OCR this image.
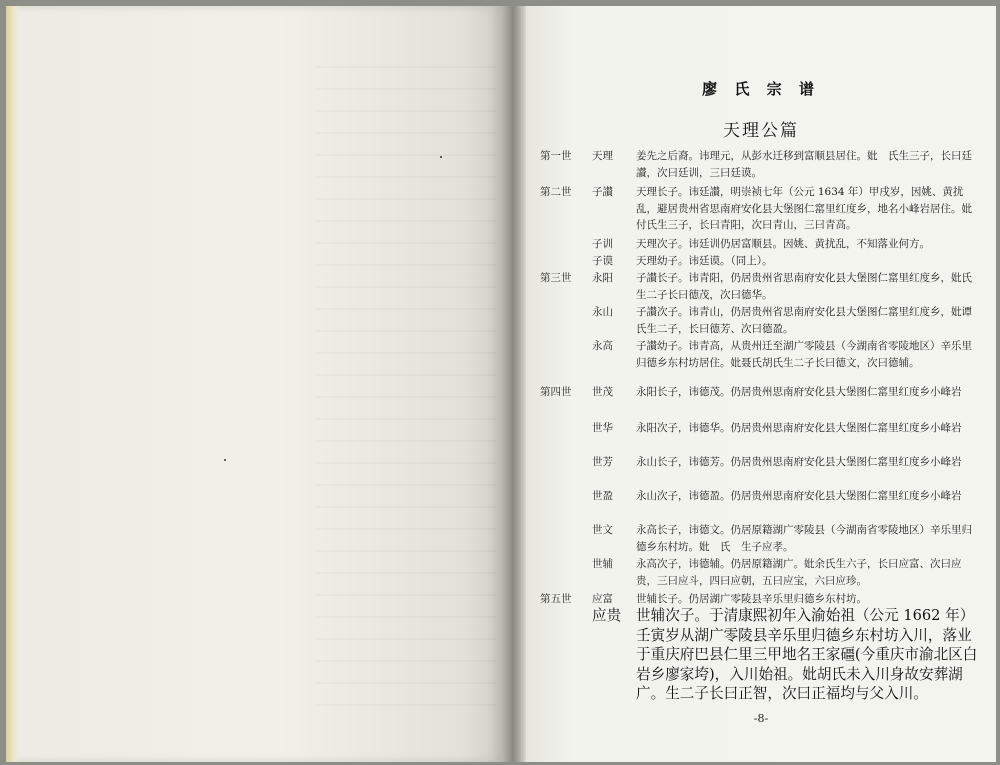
廖 氏 宗 谱
天理公篇
第一世	天理	姜先之后裔。讳理元，从彭水迁移到富顺县居住。妣　氏生三子，长曰廷讃，次曰廷训，三曰廷谟。
第二世	子讃	天理长子。讳廷讃，明崇祯七年（公元 1634 年）甲戌岁，因姚、黄扰乱，避居贵州省思南府安化县大堡图仁窰里红度乡，地名小峰岩居住。妣付氏生三子，长曰青阳，次曰青山，三曰青高。
子训	天理次子。讳廷训仍居富顺县。因姚、黄扰乱，不知落业何方。
子谟	天理幼子。讳廷谟。（同上）。
第三世	永阳	子讃长子。讳青阳，仍居贵州省思南府安化县大堡图仁窰里红度乡，妣氏生二子长曰德茂，次曰德华。
永山	子讃次子。讳青山，仍居贵州省思南府安化县大堡图仁窰里红度乡，妣谭氏生二子，长曰德芳、次曰德盈。
永高	子讃幼子。讳青高，从贵州迁至湖广零陵县（今湖南省零陵地区）辛乐里归德乡东村坊居住。妣聂氏胡氏生二子长曰德文，次曰德辅。
第四世	世茂	永阳长子，讳德茂。仍居贵州思南府安化县大堡图仁窰里红度乡小峰岩
世华	永阳次子，讳德华。仍居贵州思南府安化县大堡图仁窰里红度乡小峰岩
世芳	永山长子，讳德芳。仍居贵州思南府安化县大堡图仁窰里红度乡小峰岩
世盈	永山次子，讳德盈。仍居贵州思南府安化县大堡图仁窰里红度乡小峰岩
世文	永高长子，讳德文。仍居原籍湖广零陵县（今湖南省零陵地区）辛乐里归德乡东村坊。妣　氏　生子应孝。
世辅	永高次子，讳德辅。仍居原籍湖广。妣余氏生六子，长曰应富、次曰应贵，三曰应斗，四曰应朝，五曰应宝，六曰应珍。
第五世	应富	世辅长子。仍居湖广零陵县辛乐里归德乡东村坊。
应贵	世辅次子。于清康熙初年入渝始祖（公元 1662 年）壬寅岁从湖广零陵县辛乐里归德乡东村坊入川，落业于重庆府巴县仁里三甲地名王家礓(今重庆市渝北区白岩乡廖家垮)，入川始祖。妣胡氏未入川身故安葬湖广。生二子长曰正智，次曰正福均与父入川。
-8-
